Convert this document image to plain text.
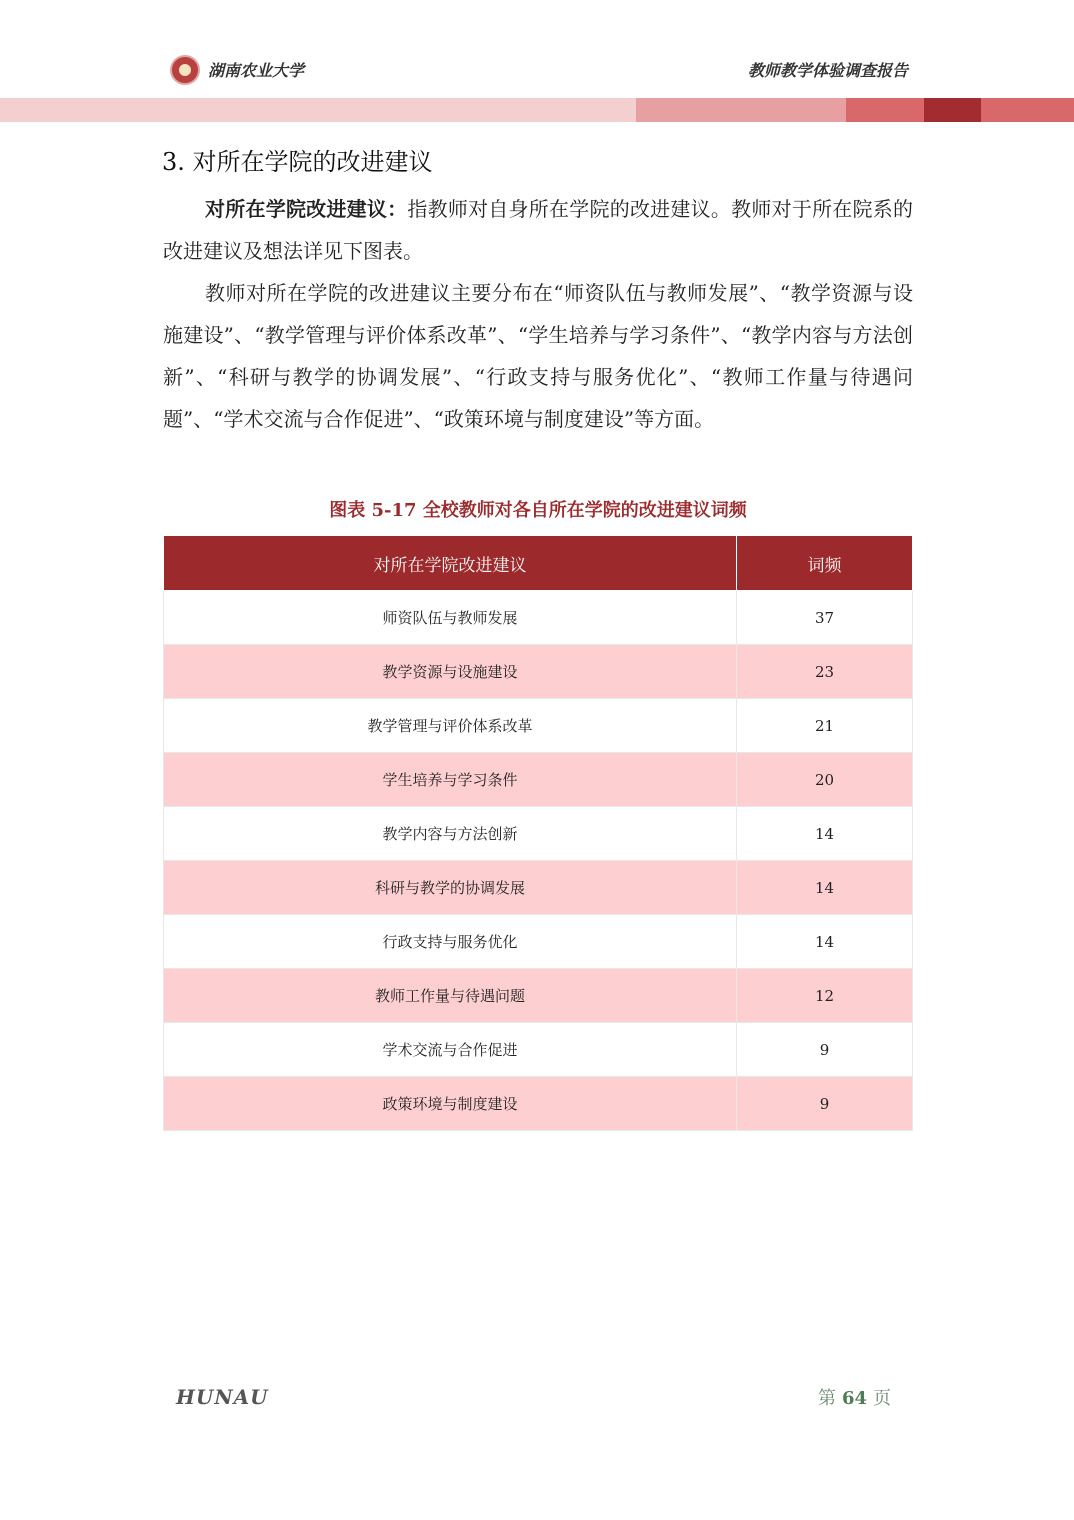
湖南农业大学	教师教学体验调查报告
3. 对所在学院的改进建议
对所在学院改进建议：指教师对自身所在学院的改进建议。教师对于所在院系的改进建议及想法详见下图表。
教师对所在学院的改进建议主要分布在“师资队伍与教师发展”、“教学资源与设施建设”、“教学管理与评价体系改革”、“学生培养与学习条件”、“教学内容与方法创新”、“科研与教学的协调发展”、“行政支持与服务优化”、“教师工作量与待遇问题”、“学术交流与合作促进”、“政策环境与制度建设”等方面。
图表 5-17 全校教师对各自所在学院的改进建议词频
对所在学院改进建议	词频
师资队伍与教师发展	37
教学资源与设施建设	23
教学管理与评价体系改革	21
学生培养与学习条件	20
教学内容与方法创新	14
科研与教学的协调发展	14
行政支持与服务优化	14
教师工作量与待遇问题	12
学术交流与合作促进	9
政策环境与制度建设	9
HUNAU	第 64 页
